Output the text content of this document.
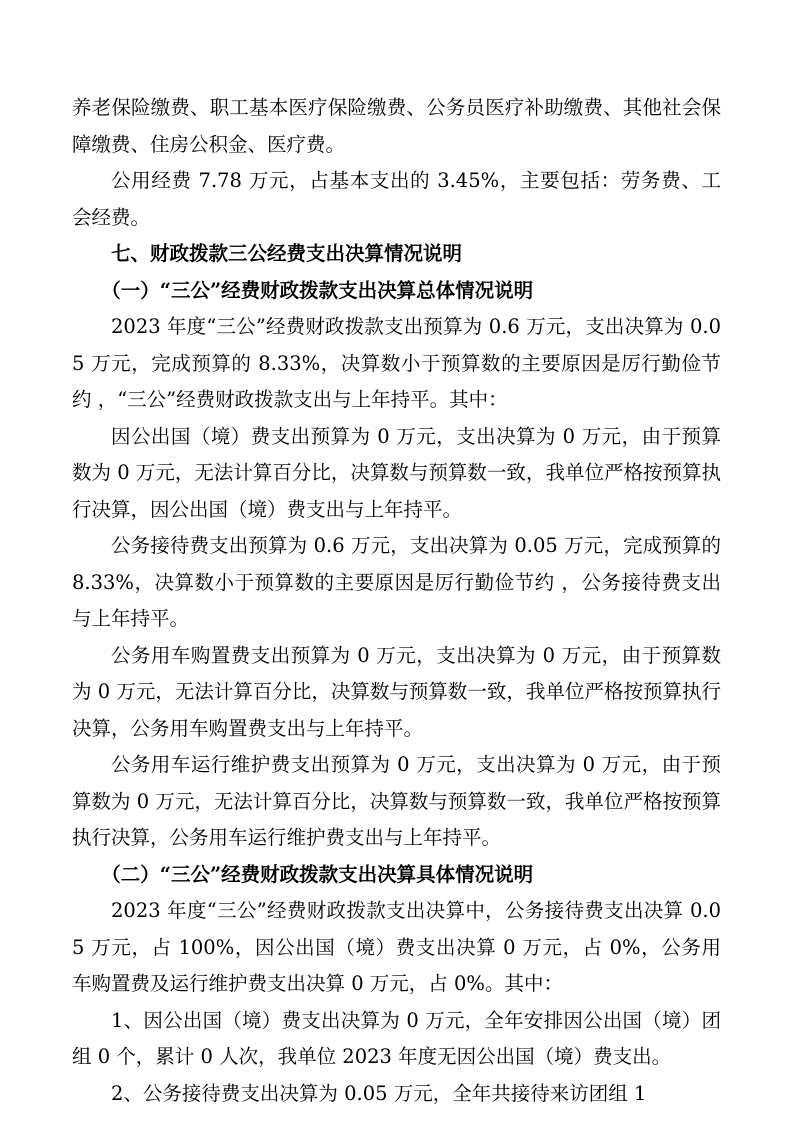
养老保险缴费、职工基本医疗保险缴费、公务员医疗补助缴费、其他社会保障缴费、住房公积金、医疗费。

公用经费 7.78 万元，占基本支出的 3.45%，主要包括：劳务费、工会经费。

七、财政拨款三公经费支出决算情况说明

（一）“三公”经费财政拨款支出决算总体情况说明

2023 年度“三公”经费财政拨款支出预算为 0.6 万元，支出决算为 0.05 万元，完成预算的 8.33%，决算数小于预算数的主要原因是厉行勤俭节约 ，“三公”经费财政拨款支出与上年持平。其中：

因公出国（境）费支出预算为 0 万元，支出决算为 0 万元，由于预算数为 0 万元，无法计算百分比，决算数与预算数一致，我单位严格按预算执行决算，因公出国（境）费支出与上年持平。

公务接待费支出预算为 0.6 万元，支出决算为 0.05 万元，完成预算的 8.33%，决算数小于预算数的主要原因是厉行勤俭节约 ，公务接待费支出与上年持平。

公务用车购置费支出预算为 0 万元，支出决算为 0 万元，由于预算数为 0 万元，无法计算百分比，决算数与预算数一致，我单位严格按预算执行决算，公务用车购置费支出与上年持平。

公务用车运行维护费支出预算为 0 万元，支出决算为 0 万元，由于预算数为 0 万元，无法计算百分比，决算数与预算数一致，我单位严格按预算执行决算，公务用车运行维护费支出与上年持平。

（二）“三公”经费财政拨款支出决算具体情况说明

2023 年度“三公”经费财政拨款支出决算中，公务接待费支出决算 0.05 万元，占 100%，因公出国（境）费支出决算 0 万元，占 0%，公务用车购置费及运行维护费支出决算 0 万元，占 0%。其中：

1、因公出国（境）费支出决算为 0 万元，全年安排因公出国（境）团组 0 个，累计 0 人次，我单位 2023 年度无因公出国（境）费支出。

2、公务接待费支出决算为 0.05 万元，全年共接待来访团组 1
